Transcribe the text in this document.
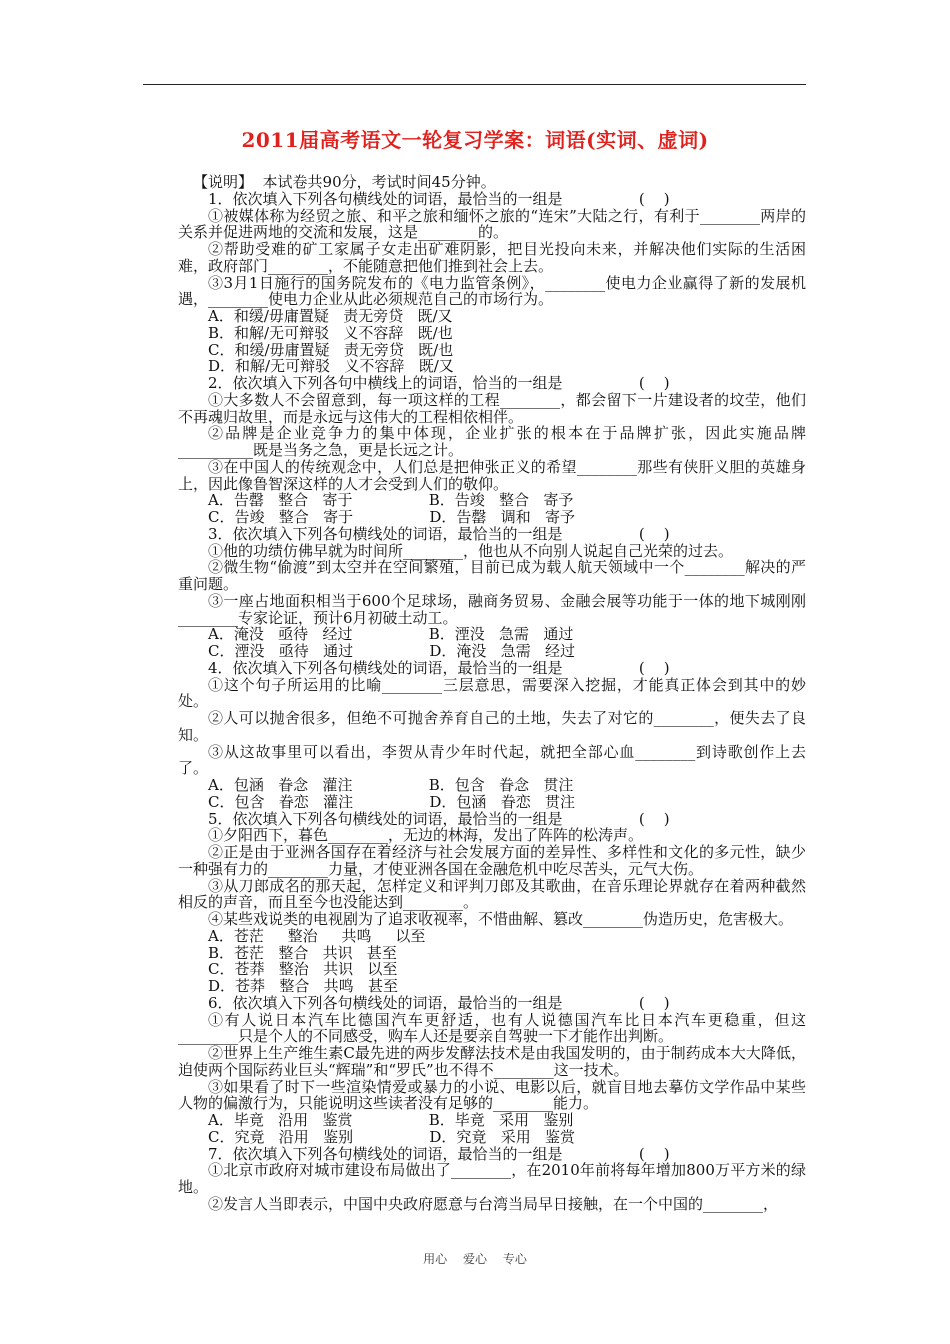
2011届高考语文一轮复习学案：词语(实词、虚词)

【说明】  本试卷共90分，考试时间45分钟。

1．依次填入下列各句横线处的词语，最恰当的一组是                (    )

①被媒体称为经贸之旅、和平之旅和缅怀之旅的“连宋”大陆之行，有利于________两岸的关系并促进两地的交流和发展，这是________的。

②帮助受难的矿工家属子女走出矿难阴影，把目光投向未来，并解决他们实际的生活困难，政府部门________，不能随意把他们推到社会上去。

③3月1日施行的国务院发布的《电力监管条例》，________使电力企业赢得了新的发展机遇，________使电力企业从此必须规范自己的市场行为。

A．和缓/毋庸置疑   责无旁贷   既/又

B．和解/无可辩驳   义不容辞   既/也

C．和缓/毋庸置疑   责无旁贷   既/也

D．和解/无可辩驳   义不容辞   既/又

2．依次填入下列各句中横线上的词语，恰当的一组是                (    )

①大多数人不会留意到，每一项这样的工程________，都会留下一片建设者的坟茔，他们不再魂归故里，而是永远与这伟大的工程相依相伴。

②品牌是企业竞争力的集中体现，企业扩张的根本在于品牌扩张，因此实施品牌__________既是当务之急，更是长远之计。

③在中国人的传统观念中，人们总是把伸张正义的希望________那些有侠肝义胆的英雄身上，因此像鲁智深这样的人才会受到人们的敬仰。

A．告罄   整合   寄于                B．告竣   整合   寄予

C．告竣   整合   寄于                D．告罄   调和   寄予

3．依次填入下列各句横线处的词语，最恰当的一组是                (    )

①他的功绩仿佛早就为时间所________，他也从不向别人说起自己光荣的过去。

②微生物“偷渡”到太空并在空间繁殖，目前已成为载人航天领域中一个________解决的严重问题。

③一座占地面积相当于600个足球场，融商务贸易、金融会展等功能于一体的地下城刚刚________专家论证，预计6月初破土动工。

A．淹没   亟待   经过                B．湮没   急需   通过

C．湮没   亟待   通过                D．淹没   急需   经过

4．依次填入下列各句横线处的词语，最恰当的一组是                (    )

①这个句子所运用的比喻________三层意思，需要深入挖掘，才能真正体会到其中的妙处。

②人可以抛舍很多，但绝不可抛舍养育自己的土地，失去了对它的________，便失去了良知。

③从这故事里可以看出，李贺从青少年时代起，就把全部心血________到诗歌创作上去了。

A．包涵   眷念   灌注                B．包含   眷念   贯注

C．包含   眷恋   灌注                D．包涵   眷恋   贯注

5．依次填入下列各句横线处的词语，最恰当的一组是                (    )

①夕阳西下，暮色________，无边的林海，发出了阵阵的松涛声。

②正是由于亚洲各国存在着经济与社会发展方面的差异性、多样性和文化的多元性，缺少一种强有力的________力量，才使亚洲各国在金融危机中吃尽苦头，元气大伤。

③从刀郎成名的那天起，怎样定义和评判刀郎及其歌曲，在音乐理论界就存在着两种截然相反的声音，而且至今也没能达到________。

④某些戏说类的电视剧为了追求收视率，不惜曲解、篡改________伪造历史，危害极大。

A．苍茫     整治     共鸣     以至

B．苍茫   整合   共识   甚至

C．苍莽   整治   共识   以至

D．苍莽   整合   共鸣   甚至

6．依次填入下列各句横线处的词语，最恰当的一组是                (    )

①有人说日本汽车比德国汽车更舒适，也有人说德国汽车比日本汽车更稳重，但这________只是个人的不同感受，购车人还是要亲自驾驶一下才能作出判断。

②世界上生产维生素C最先进的两步发酵法技术是由我国发明的，由于制药成本大大降低，迫使两个国际药业巨头“辉瑞”和“罗氏”也不得不________这一技术。

③如果看了时下一些渲染情爱或暴力的小说、电影以后，就盲目地去摹仿文学作品中某些人物的偏激行为，只能说明这些读者没有足够的________能力。

A．毕竟   沿用   鉴赏                B．毕竟   采用   鉴别

C．究竟   沿用   鉴别                D．究竟   采用   鉴赏

7．依次填入下列各句横线处的词语，最恰当的一组是                (    )

①北京市政府对城市建设布局做出了________，在2010年前将每年增加800万平方米的绿地。

②发言人当即表示，中国中央政府愿意与台湾当局早日接触，在一个中国的________，

用心 爱心 专心
